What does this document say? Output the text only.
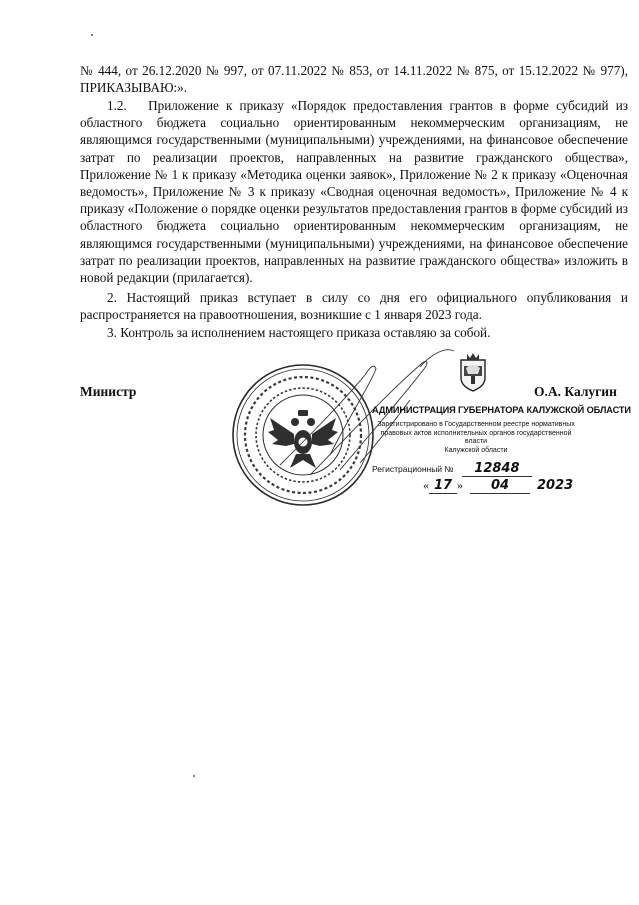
№ 444, от 26.12.2020 № 997, от 07.11.2022 № 853, от 14.11.2022 № 875, от 15.12.2022 № 977), ПРИКАЗЫВАЮ:».

1.2.   Приложение к приказу «Порядок предоставления грантов в форме субсидий из областного бюджета социально ориентированным некоммерческим организациям, не являющимся государственными (муниципальными) учреждениями, на финансовое обеспечение затрат по реализации проектов, направленных на развитие гражданского общества», Приложение № 1 к приказу «Методика оценки заявок», Приложение № 2 к приказу «Оценочная ведомость», Приложение № 3 к приказу «Сводная оценочная ведомость», Приложение № 4 к приказу «Положение о порядке оценки результатов предоставления грантов в форме субсидий из областного бюджета социально ориентированным некоммерческим организациям, не являющимся государственными (муниципальными) учреждениями, на финансовое обеспечение затрат по реализации проектов, направленных на развитие гражданского общества» изложить в новой редакции (прилагается).

2. Настоящий приказ вступает в силу со дня его официального опубликования и распространяется на правоотношения, возникшие с 1 января 2023 года.

3. Контроль за исполнением настоящего приказа оставляю за собой.

Министр	О.А. Калугин
АДМИНИСТРАЦИЯ ГУБЕРНАТОРА КАЛУЖСКОЙ ОБЛАСТИ
Зарегистрировано в Государственном реестре нормативных
правовых актов исполнительных органов государственной власти
Калужской области
Регистрационный № 12848
« 17 » 04 2023
